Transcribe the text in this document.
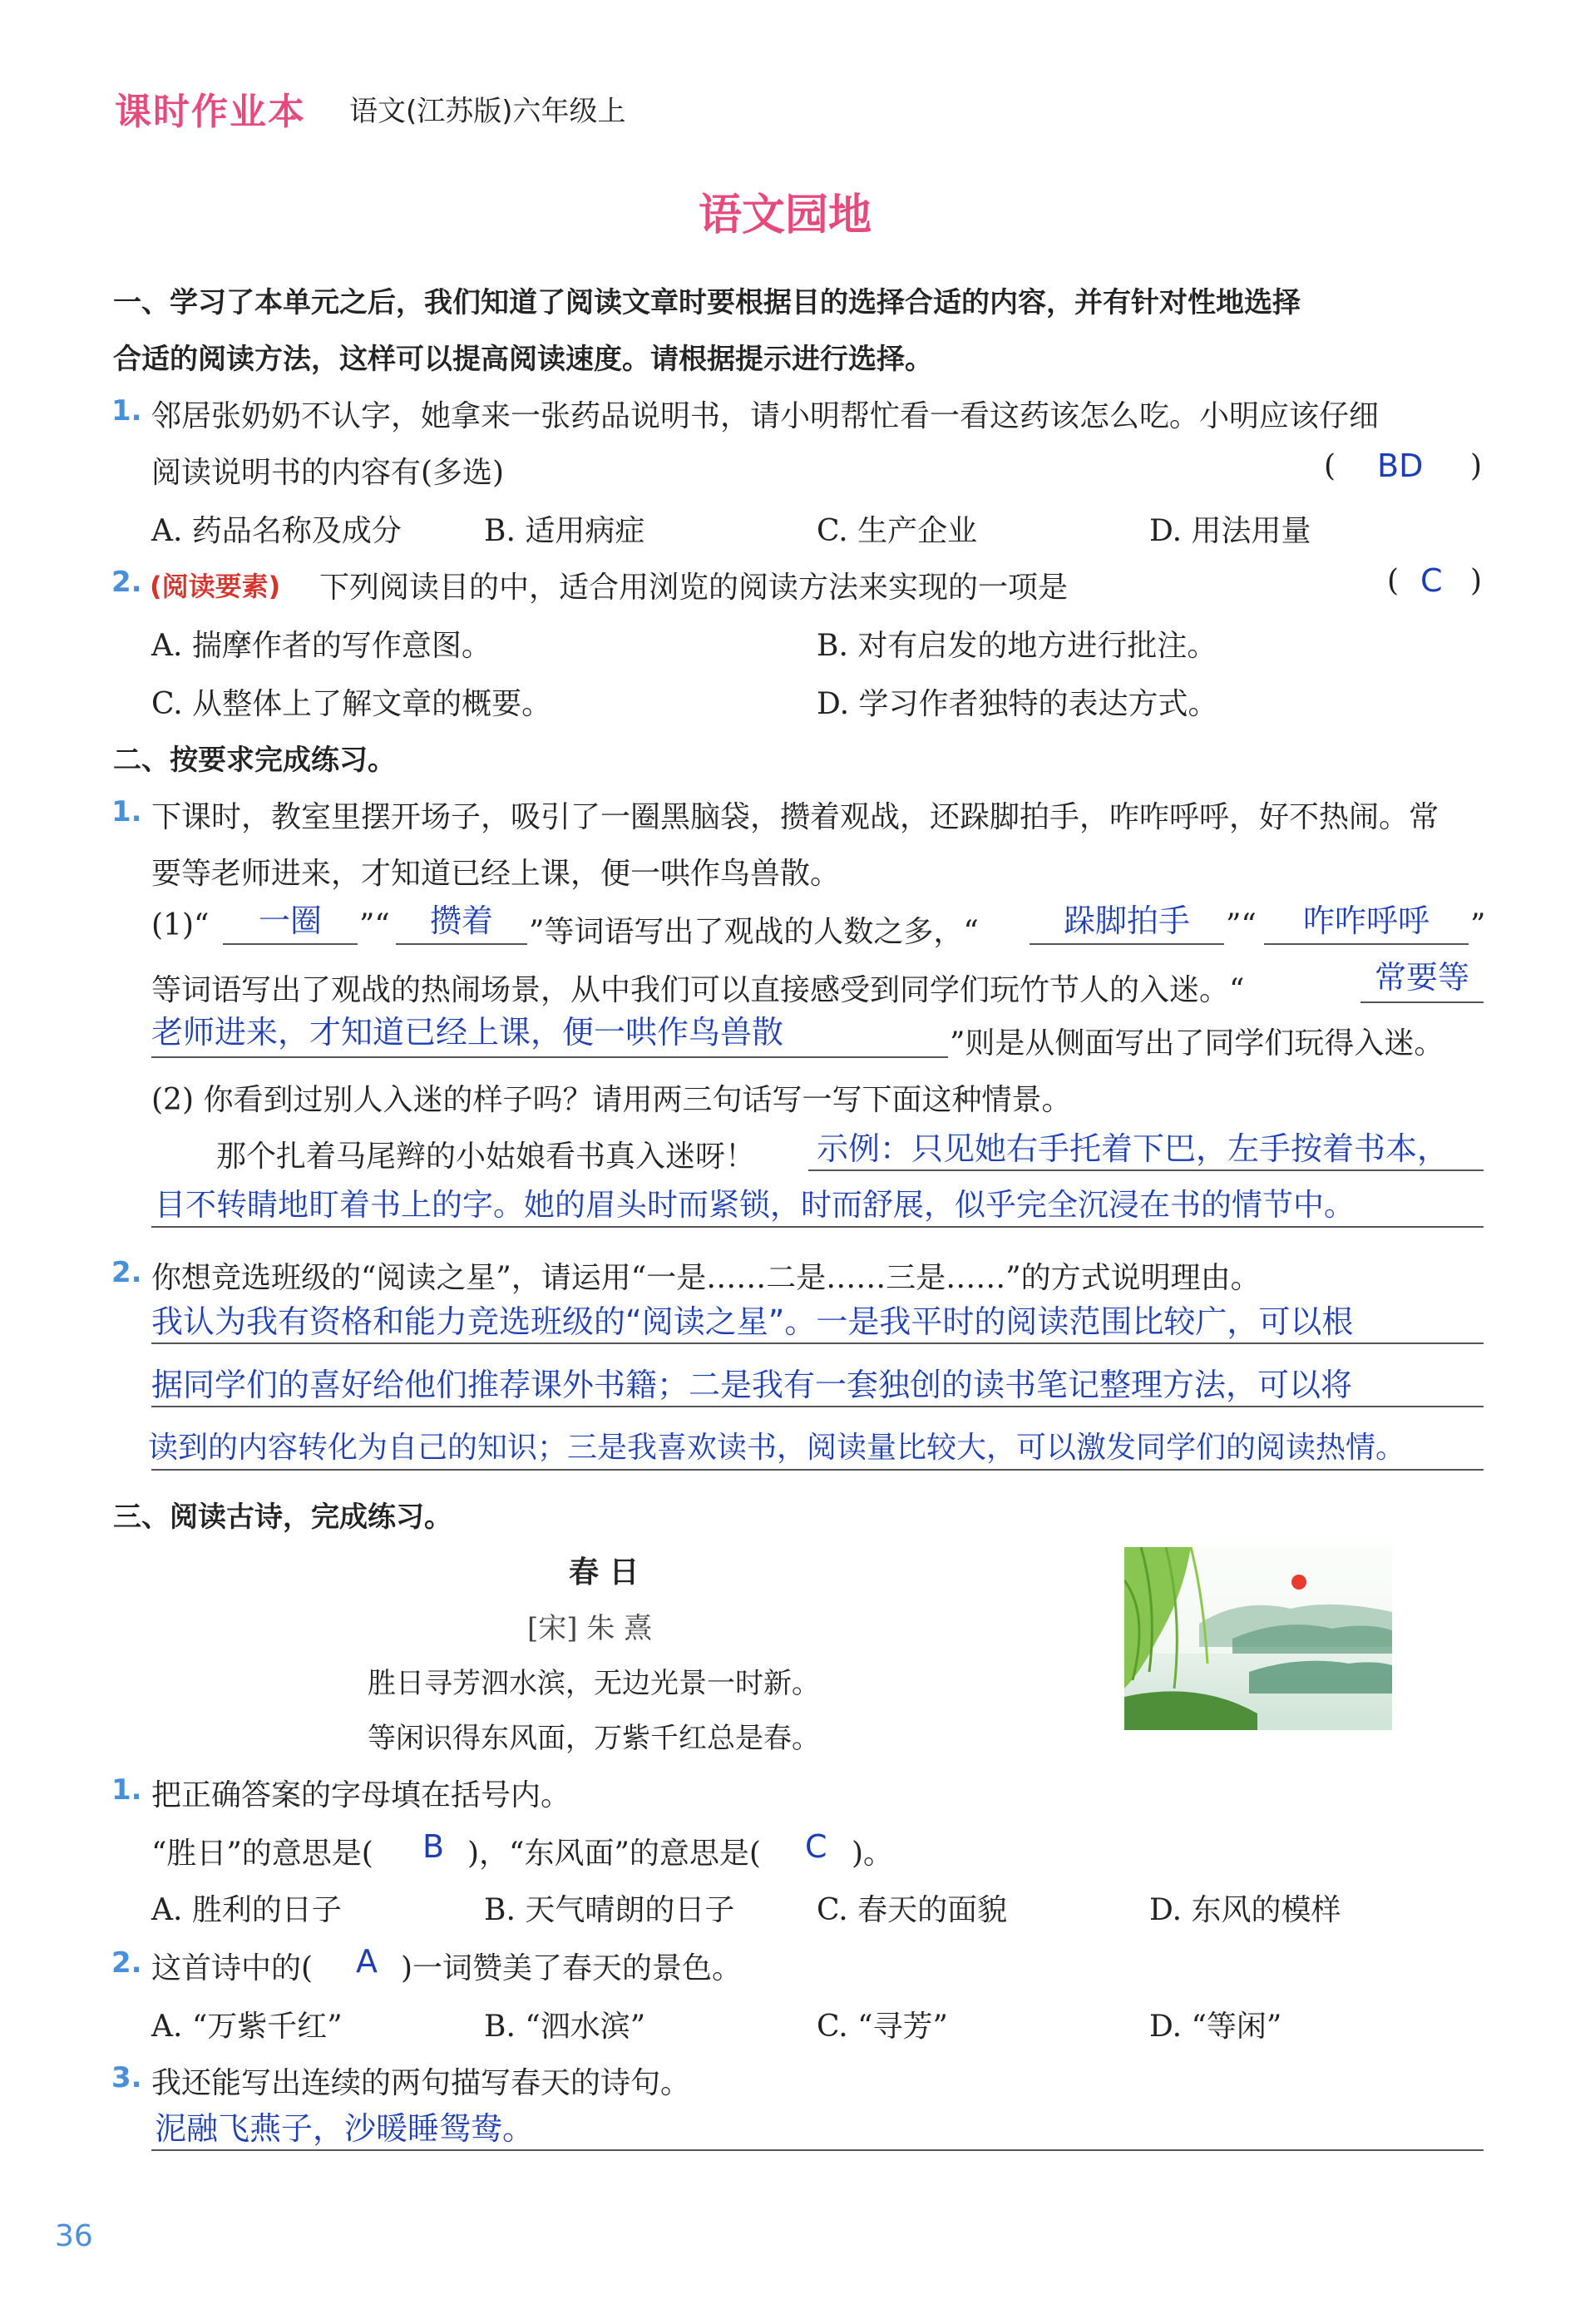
课时作业本 语文(江苏版)六年级上
语文园地
一、学习了本单元之后，我们知道了阅读文章时要根据目的选择合适的内容，并有针对性地选择
合适的阅读方法，这样可以提高阅读速度。请根据提示进行选择。
1. 邻居张奶奶不认字，她拿来一张药品说明书，请小明帮忙看一看这药该怎么吃。小明应该仔细
阅读说明书的内容有(多选)	( BD )
A. 药品名称及成分	B. 适用病症	C. 生产企业	D. 用法用量
2. (阅读要素) 下列阅读目的中，适合用浏览的阅读方法来实现的一项是	( C )
A. 揣摩作者的写作意图。	B. 对有启发的地方进行批注。
C. 从整体上了解文章的概要。	D. 学习作者独特的表达方式。
二、按要求完成练习。
1. 下课时，教室里摆开场子，吸引了一圈黑脑袋，攒着观战，还跺脚拍手，咋咋呼呼，好不热闹。常
要等老师进来，才知道已经上课，便一哄作鸟兽散。
(1)“	一圈	”“	攒着	”等词语写出了观战的人数之多，“	跺脚拍手	”“	咋咋呼呼	”
等词语写出了观战的热闹场景，从中我们可以直接感受到同学们玩竹节人的入迷。“	常要等
老师进来，才知道已经上课，便一哄作鸟兽散	”则是从侧面写出了同学们玩得入迷。
(2) 你看到过别人入迷的样子吗？请用两三句话写一写下面这种情景。
那个扎着马尾辫的小姑娘看书真入迷呀！ 示例：只见她右手托着下巴，左手按着书本，
目不转睛地盯着书上的字。她的眉头时而紧锁，时而舒展，似乎完全沉浸在书的情节中。
2. 你想竞选班级的“阅读之星”，请运用“一是……二是……三是……”的方式说明理由。
我认为我有资格和能力竞选班级的“阅读之星”。一是我平时的阅读范围比较广，可以根
据同学们的喜好给他们推荐课外书籍；二是我有一套独创的读书笔记整理方法，可以将
读到的内容转化为自己的知识；三是我喜欢读书，阅读量比较大，可以激发同学们的阅读热情。
三、阅读古诗，完成练习。
春 日
[宋] 朱 熹
胜日寻芳泗水滨，无边光景一时新。
等闲识得东风面，万紫千红总是春。
1. 把正确答案的字母填在括号内。
“胜日”的意思是( B )，“东风面”的意思是( C )。
A. 胜利的日子	B. 天气晴朗的日子	C. 春天的面貌	D. 东风的模样
2. 这首诗中的( A )一词赞美了春天的景色。
A. “万紫千红”	B. “泗水滨”	C. “寻芳”	D. “等闲”
3. 我还能写出连续的两句描写春天的诗句。
泥融飞燕子，沙暖睡鸳鸯。
36
